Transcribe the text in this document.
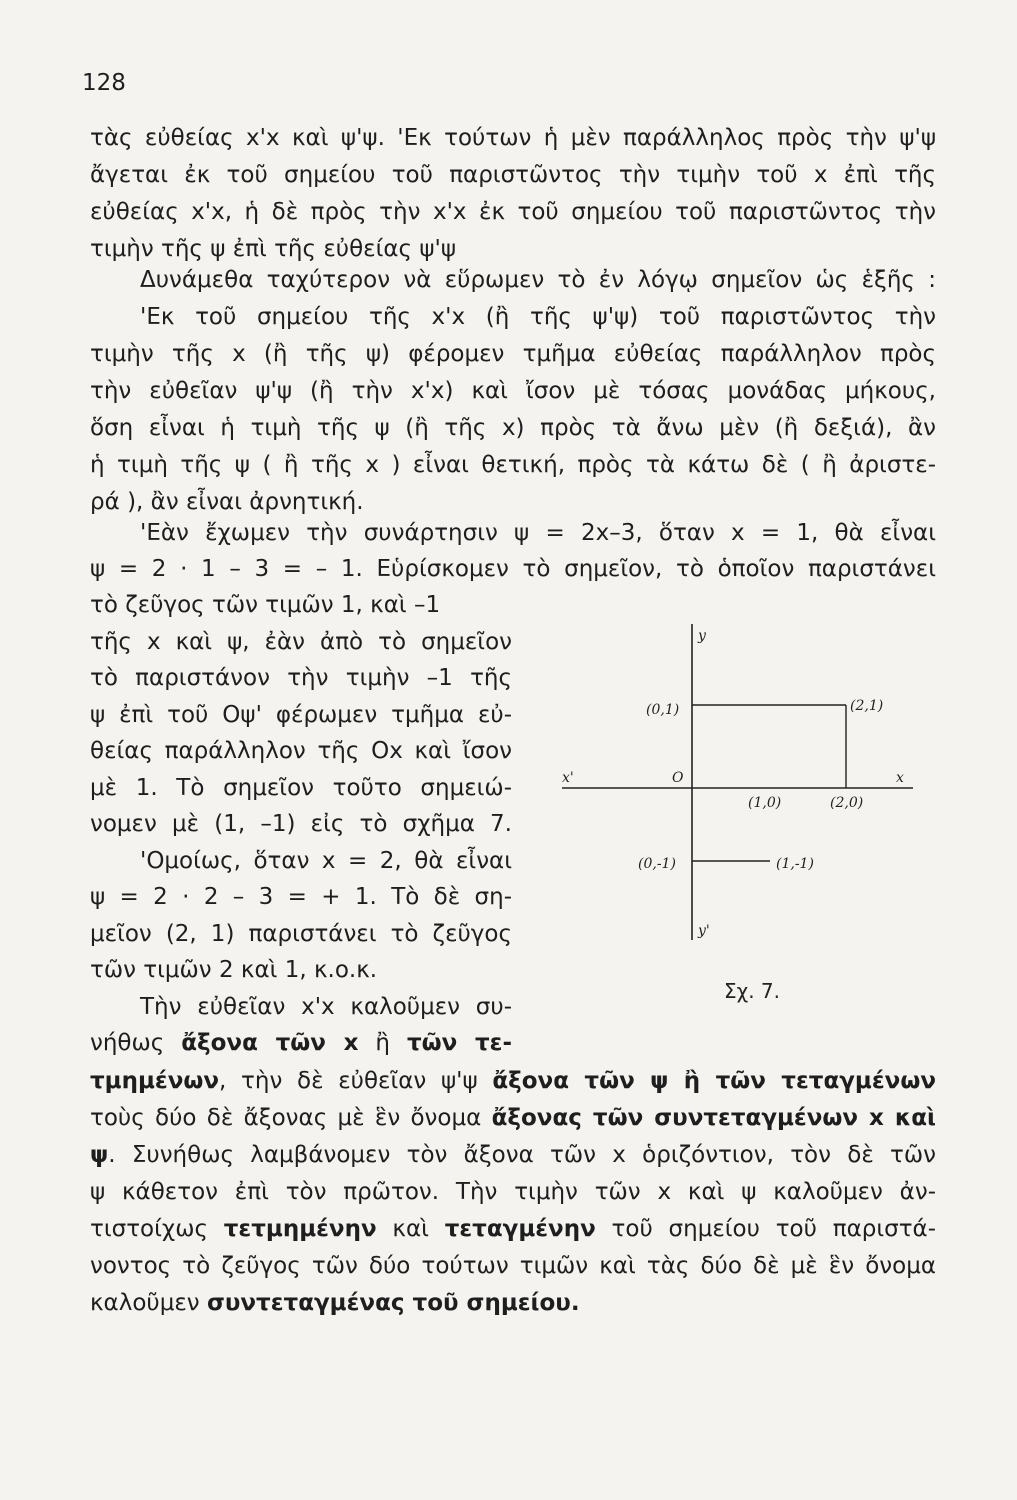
128
τὰς εὐθείας x'x καὶ ψ'ψ. 'Εκ τούτων ἡ μὲν παράλληλος πρὸς τὴν ψ'ψ
ἄγεται ἐκ τοῦ σημείου τοῦ παριστῶντος τὴν τιμὴν τοῦ x ἐπὶ τῆς
εὐθείας x'x, ἡ δὲ πρὸς τὴν x'x ἐκ τοῦ σημείου τοῦ παριστῶντος τὴν
τιμὴν τῆς ψ ἐπὶ τῆς εὐθείας ψ'ψ
Δυνάμεθα ταχύτερον νὰ εὕρωμεν τὸ ἐν λόγῳ σημεῖον ὡς ἑξῆς :
'Εκ τοῦ σημείου τῆς x'x (ἢ τῆς ψ'ψ) τοῦ παριστῶντος τὴν
τιμὴν τῆς x (ἢ τῆς ψ) φέρομεν τμῆμα εὐθείας παράλληλον πρὸς
τὴν εὐθεῖαν ψ'ψ (ἢ τὴν x'x) καὶ ἴσον μὲ τόσας μονάδας μήκους,
ὅση εἶναι ἡ τιμὴ τῆς ψ (ἢ τῆς x) πρὸς τὰ ἄνω μὲν (ἢ δεξιά), ἂν
ἡ τιμὴ τῆς ψ ( ἢ τῆς x ) εἶναι θετική, πρὸς τὰ κάτω δὲ ( ἢ ἀριστε-
ρά ), ἂν εἶναι ἀρνητική.
'Εὰν ἔχωμεν τὴν συνάρτησιν ψ = 2x–3, ὅταν x = 1, θὰ εἶναι
ψ = 2 · 1 – 3 = – 1. Εὑρίσκομεν τὸ σημεῖον, τὸ ὁποῖον παριστάνει
τὸ ζεῦγος τῶν τιμῶν 1, καὶ –1
τῆς x καὶ ψ, ἐὰν ἀπὸ τὸ σημεῖον
τὸ παριστάνον τὴν τιμὴν –1 τῆς
ψ ἐπὶ τοῦ Οψ' φέρωμεν τμῆμα εὐ-
θείας παράλληλον τῆς Οx καὶ ἴσον
μὲ 1. Τὸ σημεῖον τοῦτο σημειώ-
νομεν μὲ (1, –1) εἰς τὸ σχῆμα 7.
'Ομοίως, ὅταν x = 2, θὰ εἶναι
ψ = 2 · 2 – 3 = + 1. Τὸ δὲ ση-
μεῖον (2, 1) παριστάνει τὸ ζεῦγος
τῶν τιμῶν 2 καὶ 1, κ.ο.κ.
Τὴν εὐθεῖαν x'x καλοῦμεν συ-
νήθως ἄξονα τῶν x ἢ τῶν τε-
τμημένων, τὴν δὲ εὐθεῖαν ψ'ψ ἄξονα τῶν ψ ἢ τῶν τεταγμένων
τοὺς δύο δὲ ἄξονας μὲ ἓν ὄνομα ἄξονας τῶν συντεταγμένων x καὶ
ψ. Συνήθως λαμβάνομεν τὸν ἄξονα τῶν x ὁριζόντιον, τὸν δὲ τῶν
ψ κάθετον ἐπὶ τὸν πρῶτον. Τὴν τιμὴν τῶν x καὶ ψ καλοῦμεν ἀν-
τιστοίχως τετμημένην καὶ τεταγμένην τοῦ σημείου τοῦ παριστά-
νοντος τὸ ζεῦγος τῶν δύο τούτων τιμῶν καὶ τὰς δύο δὲ μὲ ἓν ὄνομα
καλοῦμεν συντεταγμένας τοῦ σημείου.
y
y'
x
x'	O
(0,1)	(2,1)
(1,0)	(2,0)
(0,-1)	(1,-1)
Σχ. 7.
